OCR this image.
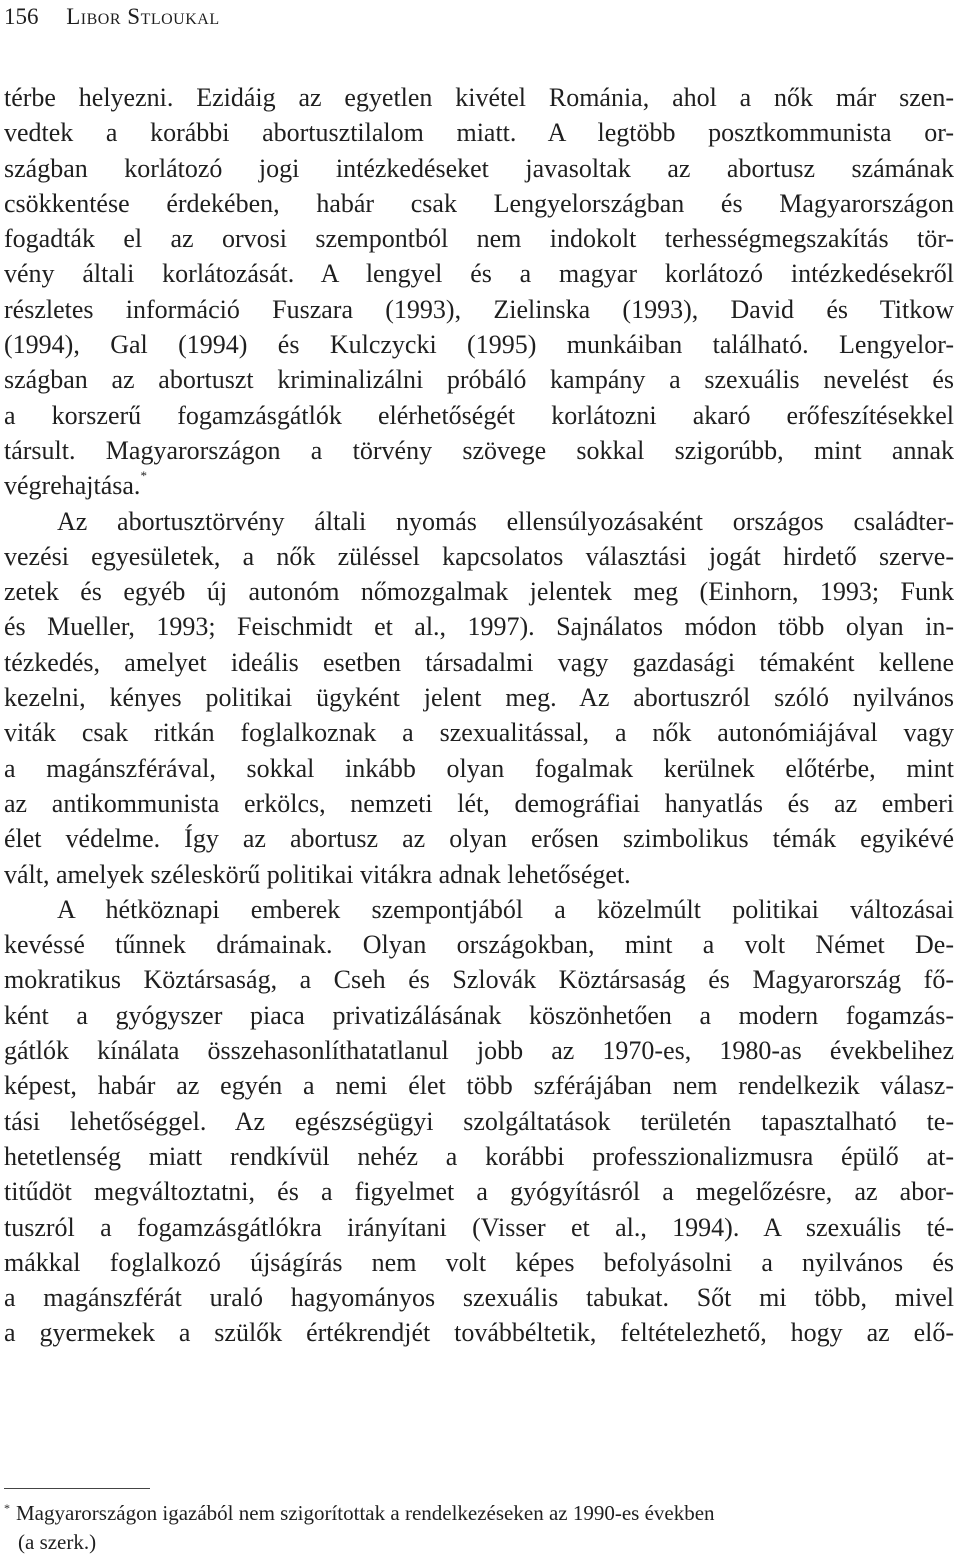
156 Libor Stloukal
térbe helyezni. Ezidáig az egyetlen kivétel Románia, ahol a nők már szen-
vedtek a korábbi abortusztilalom miatt. A legtöbb posztkommunista or-
szágban korlátozó jogi intézkedéseket javasoltak az abortusz számának
csökkentése érdekében, habár csak Lengyelországban és Magyarországon
fogadták el az orvosi szempontból nem indokolt terhességmegszakítás tör-
vény általi korlátozását. A lengyel és a magyar korlátozó intézkedésekről
részletes információ Fuszara (1993), Zielinska (1993), David és Titkow
(1994), Gal (1994) és Kulczycki (1995) munkáiban található. Lengyelor-
szágban az abortuszt kriminalizálni próbáló kampány a szexuális nevelést és
a korszerű fogamzásgátlók elérhetőségét korlátozni akaró erőfeszítésekkel
társult. Magyarországon a törvény szövege sokkal szigorúbb, mint annak
végrehajtása.*
Az abortusztörvény általi nyomás ellensúlyozásaként országos családter-
vezési egyesületek, a nők züléssel kapcsolatos választási jogát hirdető szerve-
zetek és egyéb új autonóm nőmozgalmak jelentek meg (Einhorn, 1993; Funk
és Mueller, 1993; Feischmidt et al., 1997). Sajnálatos módon több olyan in-
tézkedés, amelyet ideális esetben társadalmi vagy gazdasági témaként kellene
kezelni, kényes politikai ügyként jelent meg. Az abortuszról szóló nyilvános
viták csak ritkán foglalkoznak a szexualitással, a nők autonómiájával vagy
a magánszférával, sokkal inkább olyan fogalmak kerülnek előtérbe, mint
az antikommunista erkölcs, nemzeti lét, demográfiai hanyatlás és az emberi
élet védelme. Így az abortusz az olyan erősen szimbolikus témák egyikévé
vált, amelyek széleskörű politikai vitákra adnak lehetőséget.
A hétköznapi emberek szempontjából a közelmúlt politikai változásai
kevéssé tűnnek drámainak. Olyan országokban, mint a volt Német De-
mokratikus Köztársaság, a Cseh és Szlovák Köztársaság és Magyarország fő-
ként a gyógyszer piaca privatizálásának köszönhetően a modern fogamzás-
gátlók kínálata összehasonlíthatatlanul jobb az 1970-es, 1980-as évekbelihez
képest, habár az egyén a nemi élet több szférájában nem rendelkezik válasz-
tási lehetőséggel. Az egészségügyi szolgáltatások területén tapasztalható te-
hetetlenség miatt rendkívül nehéz a korábbi professzionalizmusra épülő at-
titűdöt megváltoztatni, és a figyelmet a gyógyításról a megelőzésre, az abor-
tuszról a fogamzásgátlókra irányítani (Visser et al., 1994). A szexuális té-
mákkal foglalkozó újságírás nem volt képes befolyásolni a nyilvános és
a magánszférát uraló hagyományos szexuális tabukat. Sőt mi több, mivel
a gyermekek a szülők értékrendjét továbbéltetik, feltételezhető, hogy az elő-
* Magyarországon igazából nem szigorítottak a rendelkezéseken az 1990-es években
(a szerk.)
